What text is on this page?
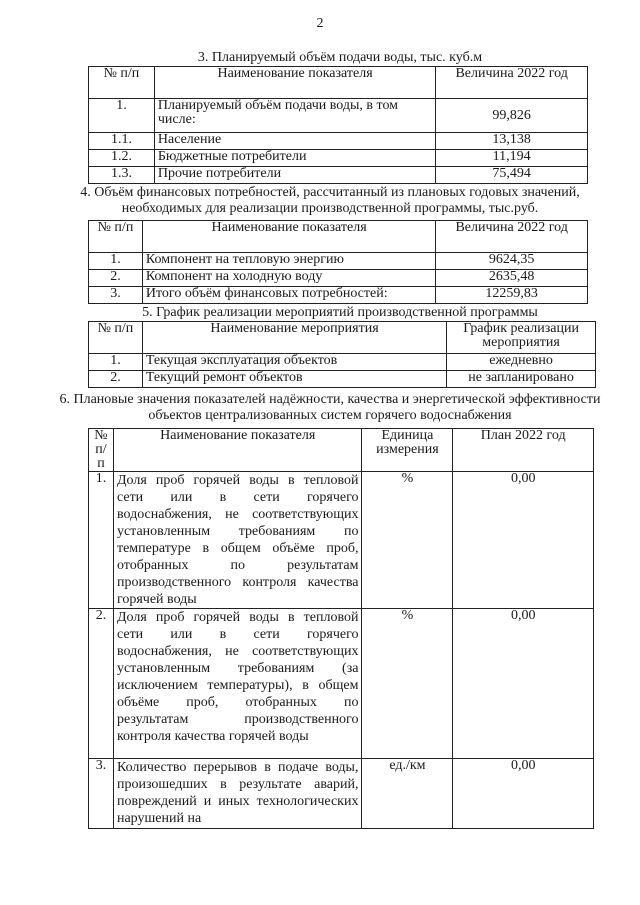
2
3. Планируемый объём подачи воды, тыс. куб.м
№ п/п	Наименование показателя	Величина 2022 год
1.	Планируемый объём подачи воды, в том числе:	99,826
1.1.	Население	13,138
1.2.	Бюджетные потребители	11,194
1.3.	Прочие потребители	75,494
4. Объём финансовых потребностей, рассчитанный из плановых годовых значений, необходимых для реализации производственной программы, тыс.руб.
№ п/п	Наименование показателя	Величина 2022 год
1.	Компонент на тепловую энергию	9624,35
2.	Компонент на холодную воду	2635,48
3.	Итого объём финансовых потребностей:	12259,83
5. График реализации мероприятий производственной программы
№ п/п	Наименование мероприятия	График реализации мероприятия
1.	Текущая эксплуатация объектов	ежедневно
2.	Текущий ремонт объектов	не запланировано
6. Плановые значения показателей надёжности, качества и энергетической эффективности объектов централизованных систем горячего водоснабжения
№ п/п	Наименование показателя	Единица измерения	План 2022 год
1.	Доля проб горячей воды в тепловой сети или в сети горячего водоснабжения, не соответствующих установленным требованиям по температуре в общем объёме проб, отобранных по результатам производственного контроля качества горячей воды	%	0,00
2.	Доля проб горячей воды в тепловой сети или в сети горячего водоснабжения, не соответствующих установленным требованиям (за исключением температуры), в общем объёме проб, отобранных по результатам производственного контроля качества горячей воды	%	0,00
3.	Количество перерывов в подаче воды, произошедших в результате аварий, повреждений и иных технологических нарушений на	ед./км	0,00
